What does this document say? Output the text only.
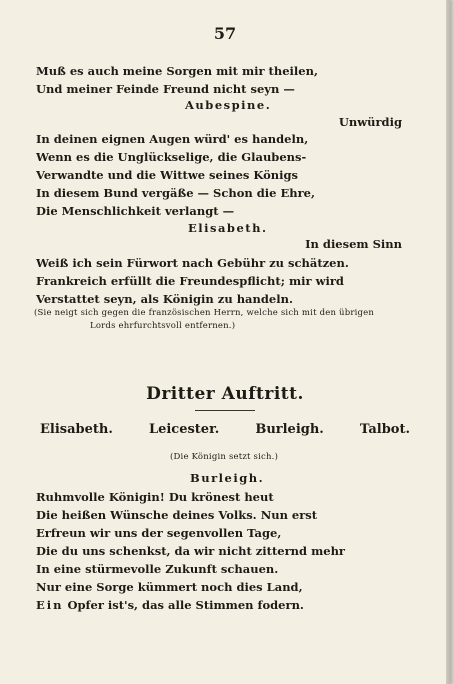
57
Muß es auch meine Sorgen mit mir theilen,
Und meiner Feinde Freund nicht seyn —
Aubespine.
Unwürdig
In deinen eignen Augen würd' es handeln,
Wenn es die Unglückselige, die Glaubens-
Verwandte und die Wittwe seines Königs
In diesem Bund vergäße — Schon die Ehre,
Die Menschlichkeit verlangt —
Elisabeth.
In diesem Sinn
Weiß ich sein Fürwort nach Gebühr zu schätzen.
Frankreich erfüllt die Freundespflicht; mir wird
Verstattet seyn, als Königin zu handeln.
(Sie neigt sich gegen die französischen Herrn, welche sich mit den übrigen
Lords ehrfurchtsvoll entfernen.)
Dritter Auftritt.
Elisabeth.	Leicester.	Burleigh.	Talbot.
(Die Königin setzt sich.)
Burleigh.
Ruhmvolle Königin! Du krönest heut
Die heißen Wünsche deines Volks. Nun erst
Erfreun wir uns der segenvollen Tage,
Die du uns schenkst, da wir nicht zitternd mehr
In eine stürmevolle Zukunft schauen.
Nur eine Sorge kümmert noch dies Land,
Ein Opfer ist's, das alle Stimmen fodern.
